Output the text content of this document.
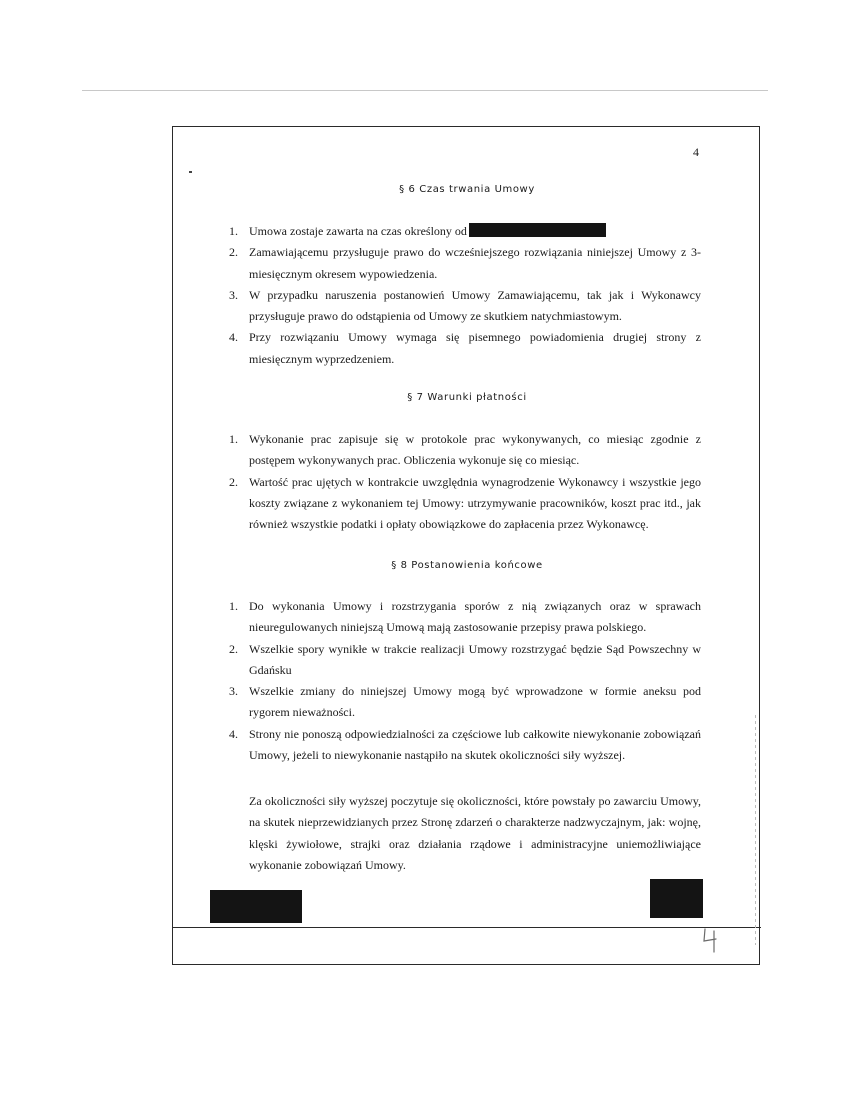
4
§ 6 Czas trwania Umowy
1. Umowa zostaje zawarta na czas określony od
2. Zamawiającemu przysługuje prawo do wcześniejszego rozwiązania niniejszej Umowy z 3-miesięcznym okresem wypowiedzenia.
3. W przypadku naruszenia postanowień Umowy Zamawiającemu, tak jak i Wykonawcy przysługuje prawo do odstąpienia od Umowy ze skutkiem natychmiastowym.
4. Przy rozwiązaniu Umowy wymaga się pisemnego powiadomienia drugiej strony z miesięcznym wyprzedzeniem.
§ 7 Warunki płatności
1. Wykonanie prac zapisuje się w protokole prac wykonywanych, co miesiąc zgodnie z postępem wykonywanych prac. Obliczenia wykonuje się co miesiąc.
2. Wartość prac ujętych w kontrakcie uwzględnia wynagrodzenie Wykonawcy i wszystkie jego koszty związane z wykonaniem tej Umowy: utrzymywanie pracowników, koszt prac itd., jak również wszystkie podatki i opłaty obowiązkowe do zapłacenia przez Wykonawcę.
§ 8 Postanowienia końcowe
1. Do wykonania Umowy i rozstrzygania sporów z nią związanych oraz w sprawach nieuregulowanych niniejszą Umową mają zastosowanie przepisy prawa polskiego.
2. Wszelkie spory wynikłe w trakcie realizacji Umowy rozstrzygać będzie Sąd Powszechny w Gdańsku
3. Wszelkie zmiany do niniejszej Umowy mogą być wprowadzone w formie aneksu pod rygorem nieważności.
4. Strony nie ponoszą odpowiedzialności za częściowe lub całkowite niewykonanie zobowiązań Umowy, jeżeli to niewykonanie nastąpiło na skutek okoliczności siły wyższej.

Za okoliczności siły wyższej poczytuje się okoliczności, które powstały po zawarciu Umowy, na skutek nieprzewidzianych przez Stronę zdarzeń o charakterze nadzwyczajnym, jak: wojnę, klęski żywiołowe, strajki oraz działania rządowe i administracyjne uniemożliwiające wykonanie zobowiązań Umowy.
